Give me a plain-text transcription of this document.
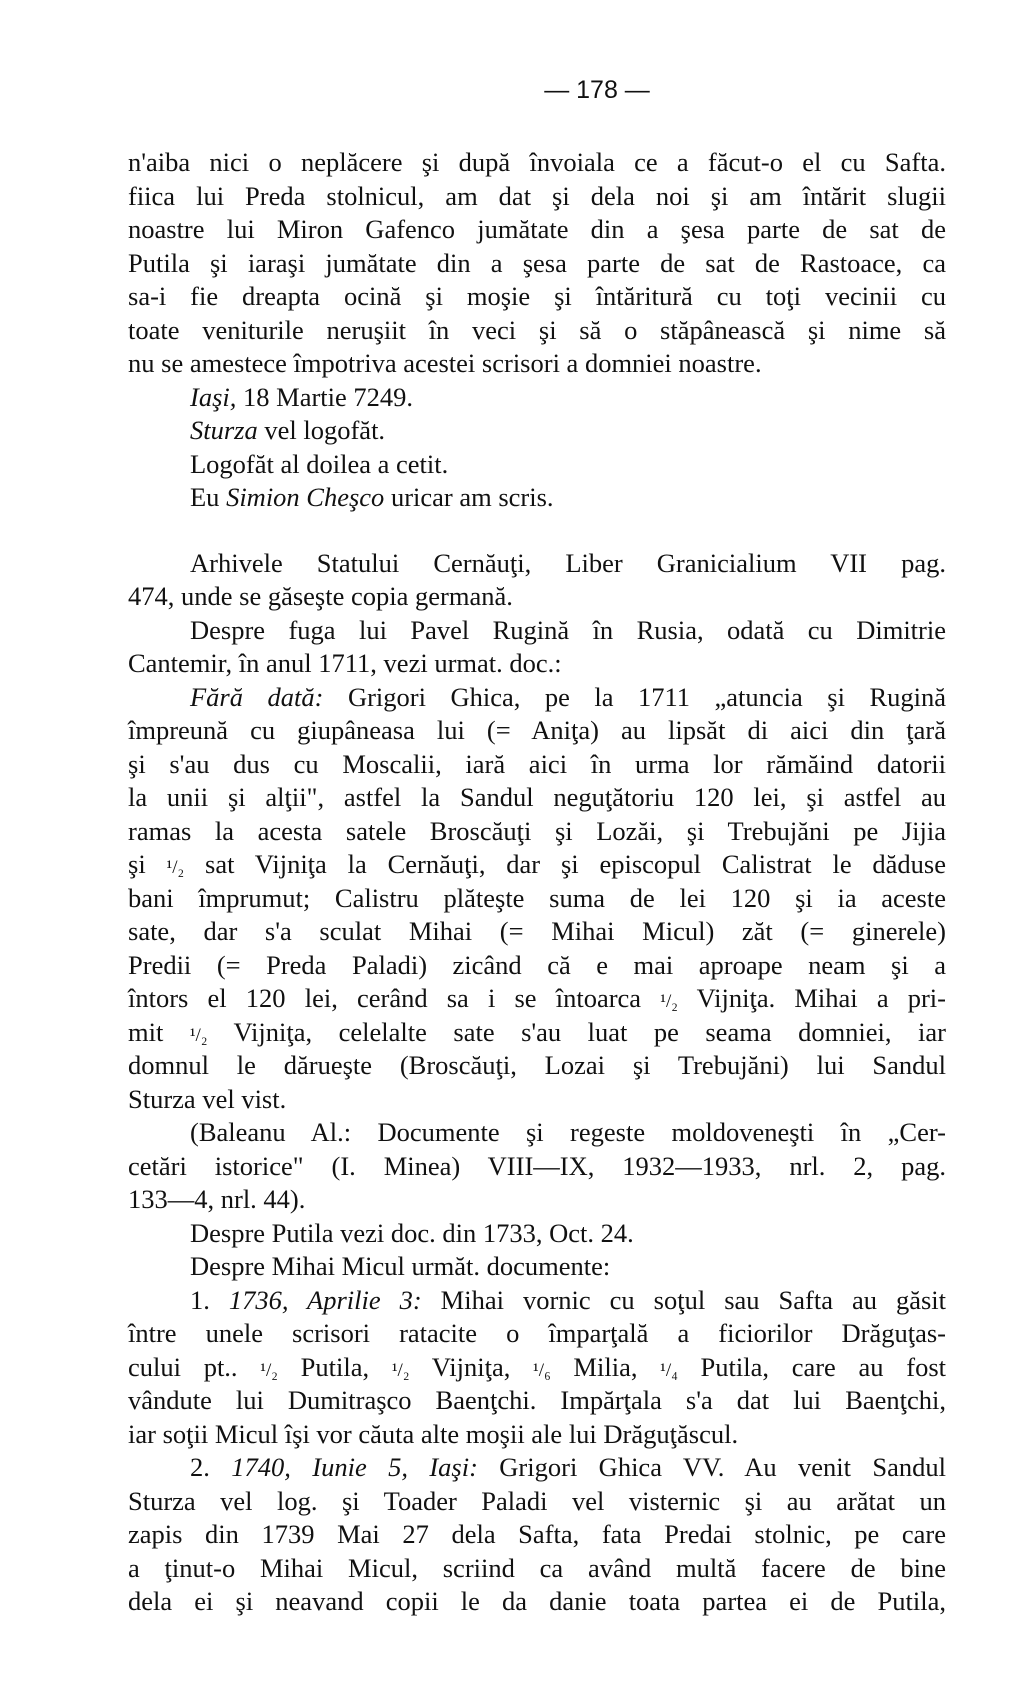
— 178 —
n'aiba nici o neplăcere şi după învoiala ce a făcut-o el cu Safta.
fiica lui Preda stolnicul, am dat şi dela noi şi am întărit slugii
noastre lui Miron Gafenco jumătate din a şesa parte de sat de
Putila şi iaraşi jumătate din a şesa parte de sat de Rastoace, ca
sa-i fie dreapta ocină şi moşie şi întăritură cu toţi vecinii cu
toate veniturile neruşiit în veci şi să o stăpânească şi nime să
nu se amestece împotriva acestei scrisori a domniei noastre.
Iaşi, 18 Martie 7249.
Sturza vel logofăt.
Logofăt al doilea a cetit.
Eu Simion Cheşco uricar am scris.
Arhivele Statului Cernăuţi, Liber Granicialium VII pag.
474, unde se găseşte copia germană.
Despre fuga lui Pavel Rugină în Rusia, odată cu Dimitrie
Cantemir, în anul 1711, vezi urmat. doc.:
Fără dată: Grigori Ghica, pe la 1711 „atuncia şi Rugină
împreună cu giupâneasa lui (= Aniţa) au lipsăt di aici din ţară
şi s'au dus cu Moscalii, iară aici în urma lor rămăind datorii
la unii şi alţii", astfel la Sandul neguţătoriu 120 lei, şi astfel au
ramas la acesta satele Broscăuţi şi Lozăi, şi Trebujăni pe Jijia
şi ¹/₂ sat Vijniţa la Cernăuţi, dar şi episcopul Calistrat le dăduse
bani împrumut; Calistru plăteşte suma de lei 120 şi ia aceste
sate, dar s'a sculat Mihai (= Mihai Micul) zăt (= ginerele)
Predii (= Preda Paladi) zicând că e mai aproape neam şi a
întors el 120 lei, cerând sa i se întoarca ¹/₂ Vijniţa. Mihai a pri-
mit ¹/₂ Vijniţa, celelalte sate s'au luat pe seama domniei, iar
domnul le dărueşte (Broscăuţi, Lozai şi Trebujăni) lui Sandul
Sturza vel vist.
(Baleanu Al.: Documente şi regeste moldoveneşti în „Cer-
cetări istorice" (I. Minea) VIII—IX, 1932—1933, nrl. 2, pag.
133—4, nrl. 44).
Despre Putila vezi doc. din 1733, Oct. 24.
Despre Mihai Micul următ. documente:
1. 1736, Aprilie 3: Mihai vornic cu soţul sau Safta au găsit
între unele scrisori ratacite o împarţală a ficiorilor Drăguţas-
cului pt.. ¹/₂ Putila, ¹/₂ Vijniţa, ¹/₆ Milia, ¹/₄ Putila, care au fost
vândute lui Dumitraşco Baenţchi. Impărţala s'a dat lui Baenţchi,
iar soţii Micul îşi vor căuta alte moşii ale lui Drăguţăscul.
2. 1740, Iunie 5, Iaşi: Grigori Ghica VV. Au venit Sandul
Sturza vel log. şi Toader Paladi vel visternic şi au arătat un
zapis din 1739 Mai 27 dela Safta, fata Predai stolnic, pe care
a ţinut-o Mihai Micul, scriind ca având multă facere de bine
dela ei şi neavand copii le da danie toata partea ei de Putila,
